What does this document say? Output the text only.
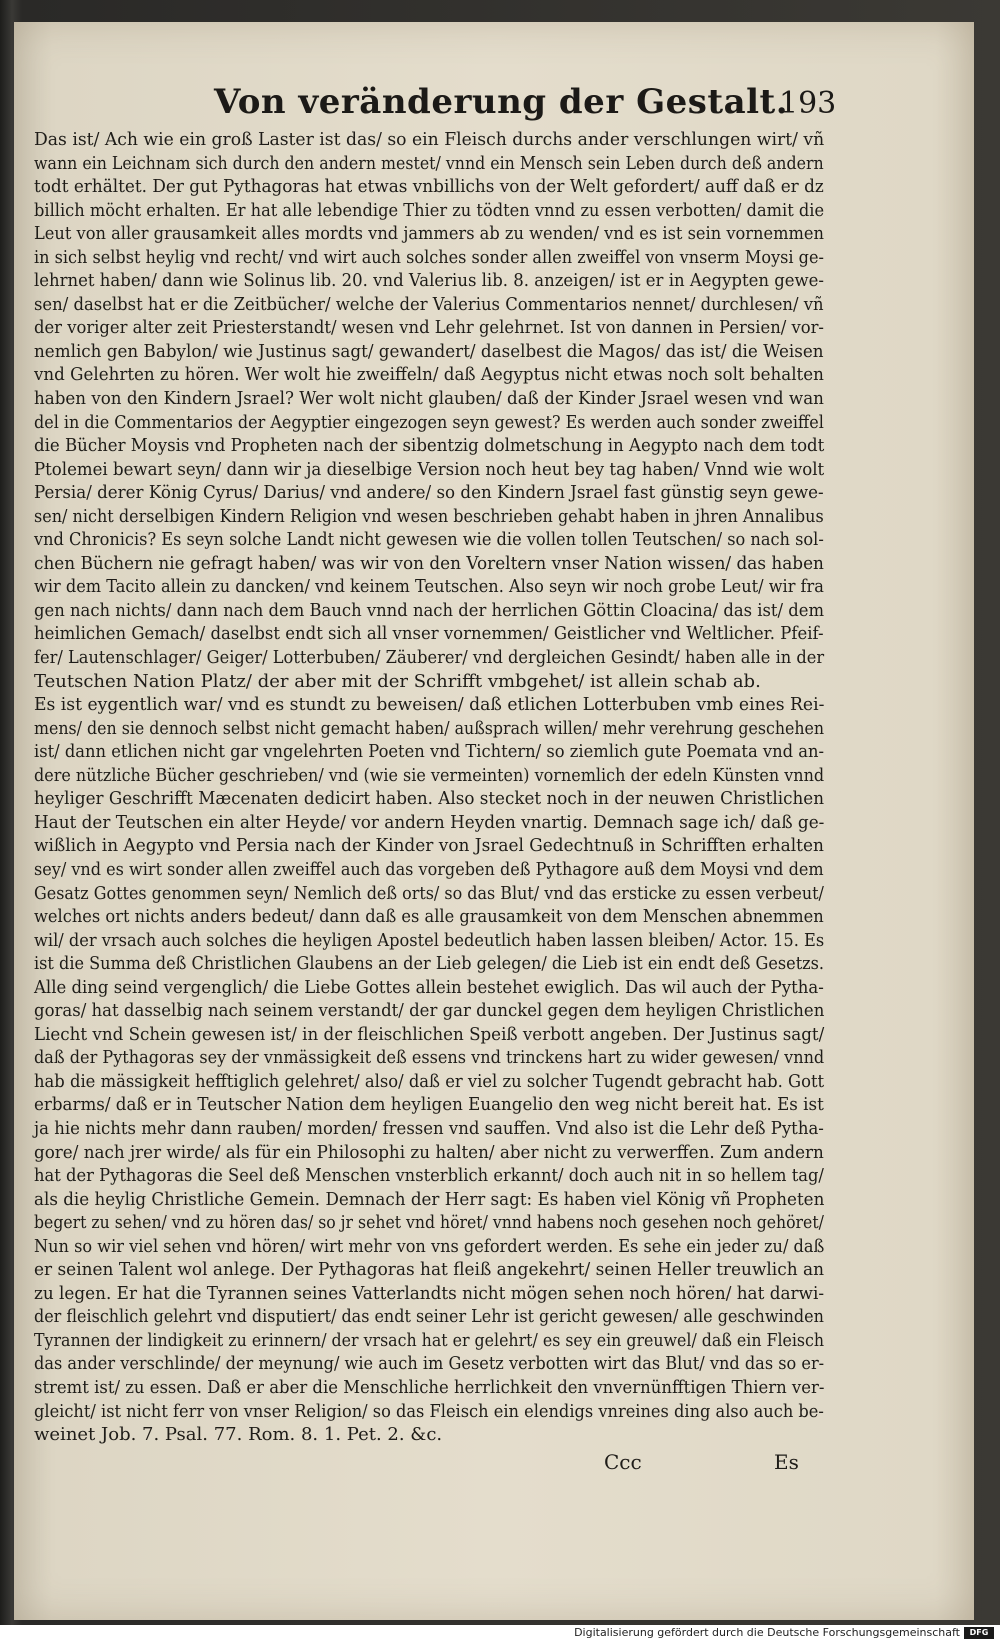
Von veränderung der Gestalt.
193
Das ist/ Ach wie ein groß Laster ist das/ so ein Fleisch durchs ander verschlungen wirt/ vñ
wann ein Leichnam sich durch den andern mestet/ vnnd ein Mensch sein Leben durch deß andern
todt erhältet. Der gut Pythagoras hat etwas vnbillichs von der Welt gefordert/ auff daß er dz
billich möcht erhalten. Er hat alle lebendige Thier zu tödten vnnd zu essen verbotten/ damit die
Leut von aller grausamkeit alles mordts vnd jammers ab zu wenden/ vnd es ist sein vornemmen
in sich selbst heylig vnd recht/ vnd wirt auch solches sonder allen zweiffel von vnserm Moysi ge-
lehrnet haben/ dann wie Solinus lib. 20. vnd Valerius lib. 8. anzeigen/ ist er in Aegypten gewe-
sen/ daselbst hat er die Zeitbücher/ welche der Valerius Commentarios nennet/ durchlesen/ vñ
der voriger alter zeit Priesterstandt/ wesen vnd Lehr gelehrnet. Ist von dannen in Persien/ vor-
nemlich gen Babylon/ wie Justinus sagt/ gewandert/ daselbest die Magos/ das ist/ die Weisen
vnd Gelehrten zu hören. Wer wolt hie zweiffeln/ daß Aegyptus nicht etwas noch solt behalten
haben von den Kindern Jsrael? Wer wolt nicht glauben/ daß der Kinder Jsrael wesen vnd wan
del in die Commentarios der Aegyptier eingezogen seyn gewest? Es werden auch sonder zweiffel
die Bücher Moysis vnd Propheten nach der sibentzig dolmetschung in Aegypto nach dem todt
Ptolemei bewart seyn/ dann wir ja dieselbige Version noch heut bey tag haben/ Vnnd wie wolt
Persia/ derer König Cyrus/ Darius/ vnd andere/ so den Kindern Jsrael fast günstig seyn gewe-
sen/ nicht derselbigen Kindern Religion vnd wesen beschrieben gehabt haben in jhren Annalibus
vnd Chronicis? Es seyn solche Landt nicht gewesen wie die vollen tollen Teutschen/ so nach sol-
chen Büchern nie gefragt haben/ was wir von den Voreltern vnser Nation wissen/ das haben
wir dem Tacito allein zu dancken/ vnd keinem Teutschen. Also seyn wir noch grobe Leut/ wir fra
gen nach nichts/ dann nach dem Bauch vnnd nach der herrlichen Göttin Cloacina/ das ist/ dem
heimlichen Gemach/ daselbst endt sich all vnser vornemmen/ Geistlicher vnd Weltlicher. Pfeif-
fer/ Lautenschlager/ Geiger/ Lotterbuben/ Zäuberer/ vnd dergleichen Gesindt/ haben alle in der
Teutschen Nation Platz/ der aber mit der Schrifft vmbgehet/ ist allein schab ab.
Es ist eygentlich war/ vnd es stundt zu beweisen/ daß etlichen Lotterbuben vmb eines Rei-
mens/ den sie dennoch selbst nicht gemacht haben/ außsprach willen/ mehr verehrung geschehen
ist/ dann etlichen nicht gar vngelehrten Poeten vnd Tichtern/ so ziemlich gute Poemata vnd an-
dere nützliche Bücher geschrieben/ vnd (wie sie vermeinten) vornemlich der edeln Künsten vnnd
heyliger Geschrifft Mæcenaten dedicirt haben. Also stecket noch in der neuwen Christlichen
Haut der Teutschen ein alter Heyde/ vor andern Heyden vnartig. Demnach sage ich/ daß ge-
wißlich in Aegypto vnd Persia nach der Kinder von Jsrael Gedechtnuß in Schrifften erhalten
sey/ vnd es wirt sonder allen zweiffel auch das vorgeben deß Pythagore auß dem Moysi vnd dem
Gesatz Gottes genommen seyn/ Nemlich deß orts/ so das Blut/ vnd das ersticke zu essen verbeut/
welches ort nichts anders bedeut/ dann daß es alle grausamkeit von dem Menschen abnemmen
wil/ der vrsach auch solches die heyligen Apostel bedeutlich haben lassen bleiben/ Actor. 15. Es
ist die Summa deß Christlichen Glaubens an der Lieb gelegen/ die Lieb ist ein endt deß Gesetzs.
Alle ding seind vergenglich/ die Liebe Gottes allein bestehet ewiglich. Das wil auch der Pytha-
goras/ hat dasselbig nach seinem verstandt/ der gar dunckel gegen dem heyligen Christlichen
Liecht vnd Schein gewesen ist/ in der fleischlichen Speiß verbott angeben. Der Justinus sagt/
daß der Pythagoras sey der vnmässigkeit deß essens vnd trinckens hart zu wider gewesen/ vnnd
hab die mässigkeit hefftiglich gelehret/ also/ daß er viel zu solcher Tugendt gebracht hab. Gott
erbarms/ daß er in Teutscher Nation dem heyligen Euangelio den weg nicht bereit hat. Es ist
ja hie nichts mehr dann rauben/ morden/ fressen vnd sauffen. Vnd also ist die Lehr deß Pytha-
gore/ nach jrer wirde/ als für ein Philosophi zu halten/ aber nicht zu verwerffen. Zum andern
hat der Pythagoras die Seel deß Menschen vnsterblich erkannt/ doch auch nit in so hellem tag/
als die heylig Christliche Gemein. Demnach der Herr sagt: Es haben viel König vñ Propheten
begert zu sehen/ vnd zu hören das/ so jr sehet vnd höret/ vnnd habens noch gesehen noch gehöret/
Nun so wir viel sehen vnd hören/ wirt mehr von vns gefordert werden. Es sehe ein jeder zu/ daß
er seinen Talent wol anlege. Der Pythagoras hat fleiß angekehrt/ seinen Heller treuwlich an
zu legen. Er hat die Tyrannen seines Vatterlandts nicht mögen sehen noch hören/ hat darwi-
der fleischlich gelehrt vnd disputiert/ das endt seiner Lehr ist gericht gewesen/ alle geschwinden
Tyrannen der lindigkeit zu erinnern/ der vrsach hat er gelehrt/ es sey ein greuwel/ daß ein Fleisch
das ander verschlinde/ der meynung/ wie auch im Gesetz verbotten wirt das Blut/ vnd das so er-
stremt ist/ zu essen. Daß er aber die Menschliche herrlichkeit den vnvernünfftigen Thiern ver-
gleicht/ ist nicht ferr von vnser Religion/ so das Fleisch ein elendigs vnreines ding also auch be-
weinet Job. 7. Psal. 77. Rom. 8. 1. Pet. 2. &c.
Ccc	Es
Digitalisierung gefördert durch die Deutsche Forschungsgemeinschaft	DFG
